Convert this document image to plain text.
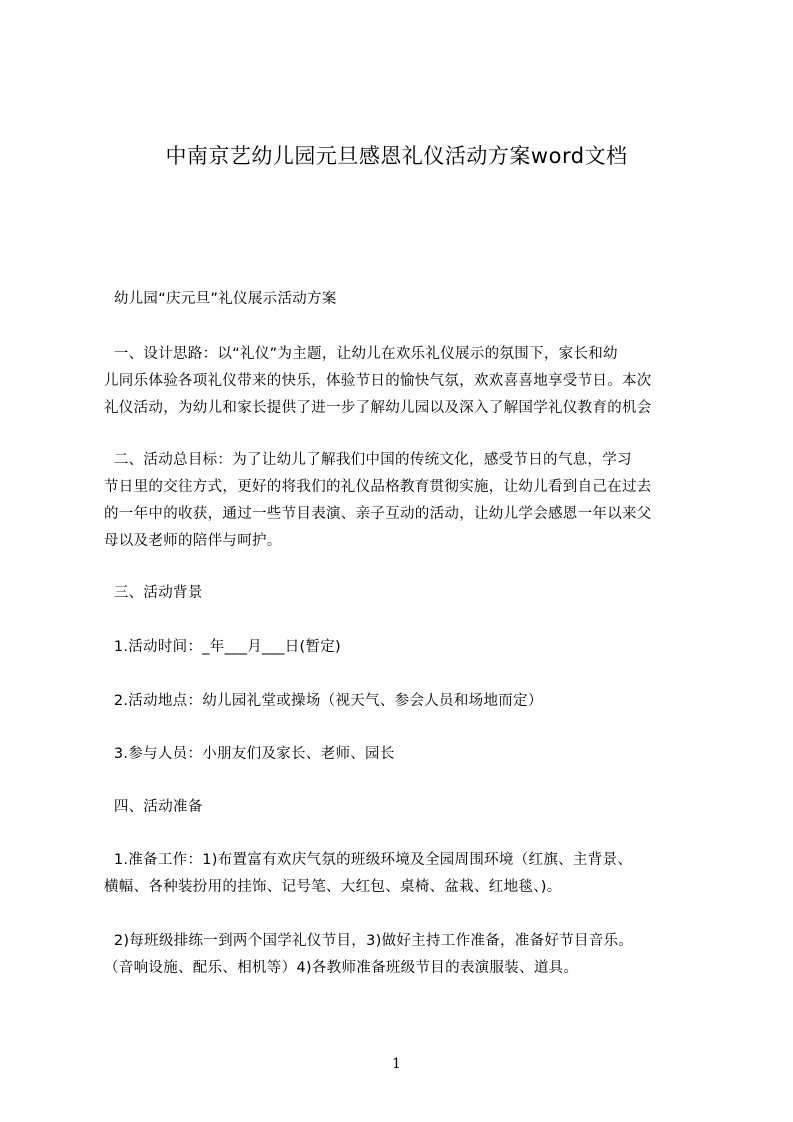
中南京艺幼儿园元旦感恩礼仪活动方案word文档
幼儿园“庆元旦”礼仪展示活动方案
一、设计思路：以“礼仪”为主题，让幼儿在欢乐礼仪展示的氛围下，家长和幼
儿同乐体验各项礼仪带来的快乐，体验节日的愉快气氛，欢欢喜喜地享受节日。本次
礼仪活动，为幼儿和家长提供了进一步了解幼儿园以及深入了解国学礼仪教育的机会
二、活动总目标：为了让幼儿了解我们中国的传统文化，感受节日的气息，学习
节日里的交往方式，更好的将我们的礼仪品格教育贯彻实施，让幼儿看到自己在过去
的一年中的收获，通过一些节目表演、亲子互动的活动，让幼儿学会感恩一年以来父
母以及老师的陪伴与呵护。
三、活动背景
1.活动时间：_年___月___日(暂定)
2.活动地点：幼儿园礼堂或操场（视天气、参会人员和场地而定）
3.参与人员：小朋友们及家长、老师、园长
四、活动准备
1.准备工作：1)布置富有欢庆气氛的班级环境及全园周围环境（红旗、主背景、
横幅、各种装扮用的挂饰、记号笔、大红包、桌椅、盆栽、红地毯、)。
2)每班级排练一到两个国学礼仪节目，3)做好主持工作准备，准备好节目音乐。
（音响设施、配乐、相机等）4)各教师准备班级节目的表演服装、道具。
1
